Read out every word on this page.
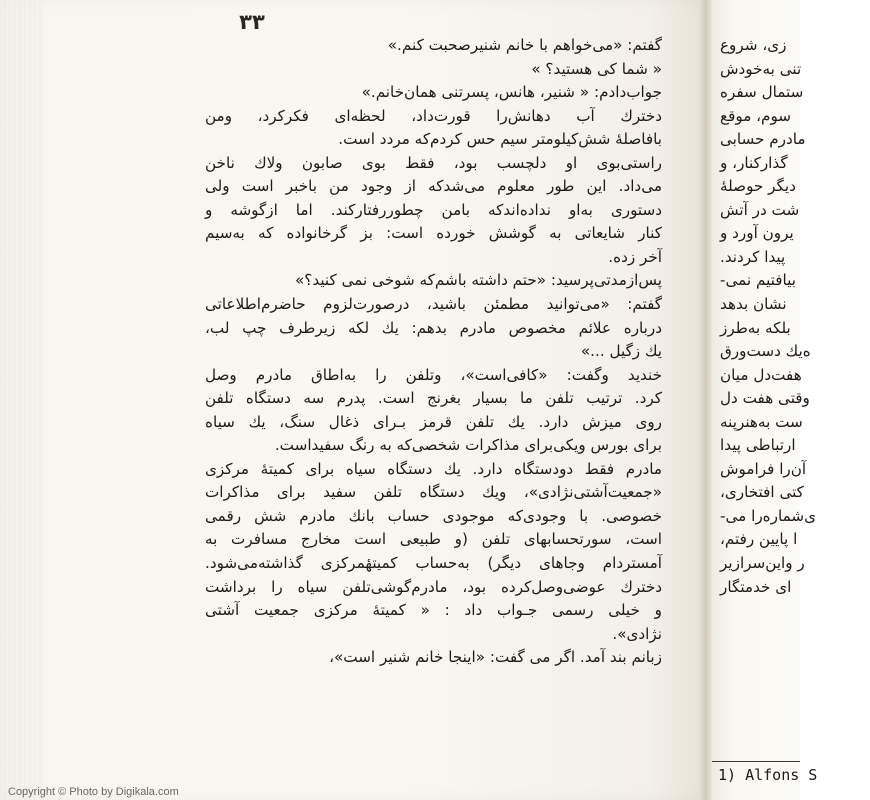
۳۳
گفتم: «می‌خواهم با خانم شنیرصحبت کنم.»
« شما کی هستید؟ »
جواب‌دادم: « شنیر، هانس، پسرتنی همان‌خانم.»
دخترك آب دهانش‌را قورت‌داد، لحظه‌ای فکرکرد، ومن
بافاصلهٔ شش‌کیلومتر سیم حس کردم‌که مردد است.
راستی‌بوی او دلچسب بود، فقط بوی صابون ولاك ناخن
می‌داد. این طور معلوم می‌شدکه از وجود من باخبر است ولی
دستوری به‌او نداده‌اندکه بامن چطوررفتارکند. اما ازگوشه و
کنار شایعاتی به گوشش خورده است: بز گرخانواده که به‌سیم
آخر زده.
پس‌ازمدتی‌پرسید: «حتم داشته باشم‌که شوخی نمی کنید؟»
گفتم: «می‌توانید مطمئن باشید، درصورت‌لزوم حاضرم‌اطلاعاتی
درباره علائم مخصوص مادرم بدهم: یك لکه زیرطرف چپ لب،
یك زگیل ...»
خندید وگفت: «کافی‌است»، وتلفن را به‌اطاق مادرم وصل
کرد. ترتیب تلفن ما بسیار بغرنج است. پدرم سه دستگاه تلفن
روی میزش دارد. یك تلفن قرمز بـرای ذغال سنگ، یك سیاه
برای بورس ویکی‌برای مذاکرات شخصی‌که به رنگ سفیداست.
مادرم فقط دودستگاه دارد. یك دستگاه سیاه برای کمیتهٔ مرکزی
«جمعیت‌آشتی‌نژادی»، ویك دستگاه تلفن سفید برای مذاکرات
خصوصی. با وجودی‌که موجودی حساب بانك مادرم شش رقمی
است، سورتحسابهای تلفن (و طبیعی است مخارج مسافرت به
آمستردام وجاهای دیگر) به‌حساب کمیتهٔمرکزی گذاشته‌می‌شود.
دخترك عوضی‌وصل‌کرده بود، مادرم‌گوشی‌تلفن سیاه را برداشت
و خیلی رسمی جـواب داد : « کمیتهٔ مرکزی جمعیت آشتی
نژادی».
زبانم بند آمد. اگر می گفت: «اینجا خانم شنیر است»،
زی، شروع
تنی به‌خودش
ستمال سفره
سوم، موقع
مادرم حسابی
گذارکنار، و
دیگر حوصلهٔ
شت در آتش
یرون آورد و
پیدا کردند.
بیافتیم نمی-
نشان بدهد
بلکه به‌طرز
ه‌یك دست‌ورق
هفت‌دل میان
وقتی هفت دل
ست به‌هنرپنه
ارتباطی پیدا
آن‌را فراموش
کتی افتخاری،
ی‌شماره‌را می-
ا پایین رفتم،
ر واین‌سرازیر
ای خدمتگار
1) Alfons S
Copyright © Photo by Digikala.com
